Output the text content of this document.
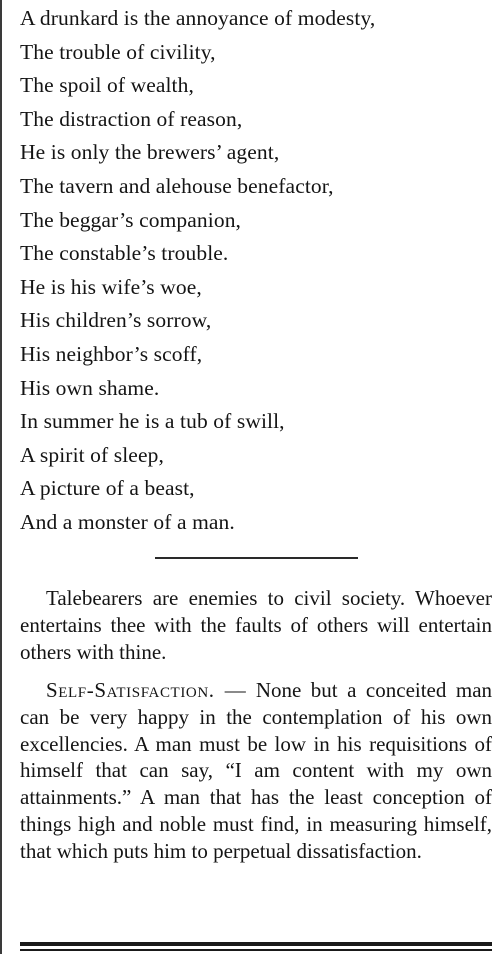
A drunkard is the annoyance of modesty,
The trouble of civility,
The spoil of wealth,
The distraction of reason,
He is only the brewers’ agent,
The tavern and alehouse benefactor,
The beggar’s companion,
The constable’s trouble.
He is his wife’s woe,
His children’s sorrow,
His neighbor’s scoff,
His own shame.
In summer he is a tub of swill,
A spirit of sleep,
A picture of a beast,
And a monster of a man.

Talebearers are enemies to civil society. Whoever entertains thee with the faults of others will entertain others with thine.

Self-Satisfaction. — None but a conceited man can be very happy in the contemplation of his own excellencies. A man must be low in his requisitions of himself that can say, “I am content with my own attainments.” A man that has the least conception of things high and noble must find, in measuring himself, that which puts him to perpetual dissatisfaction.
